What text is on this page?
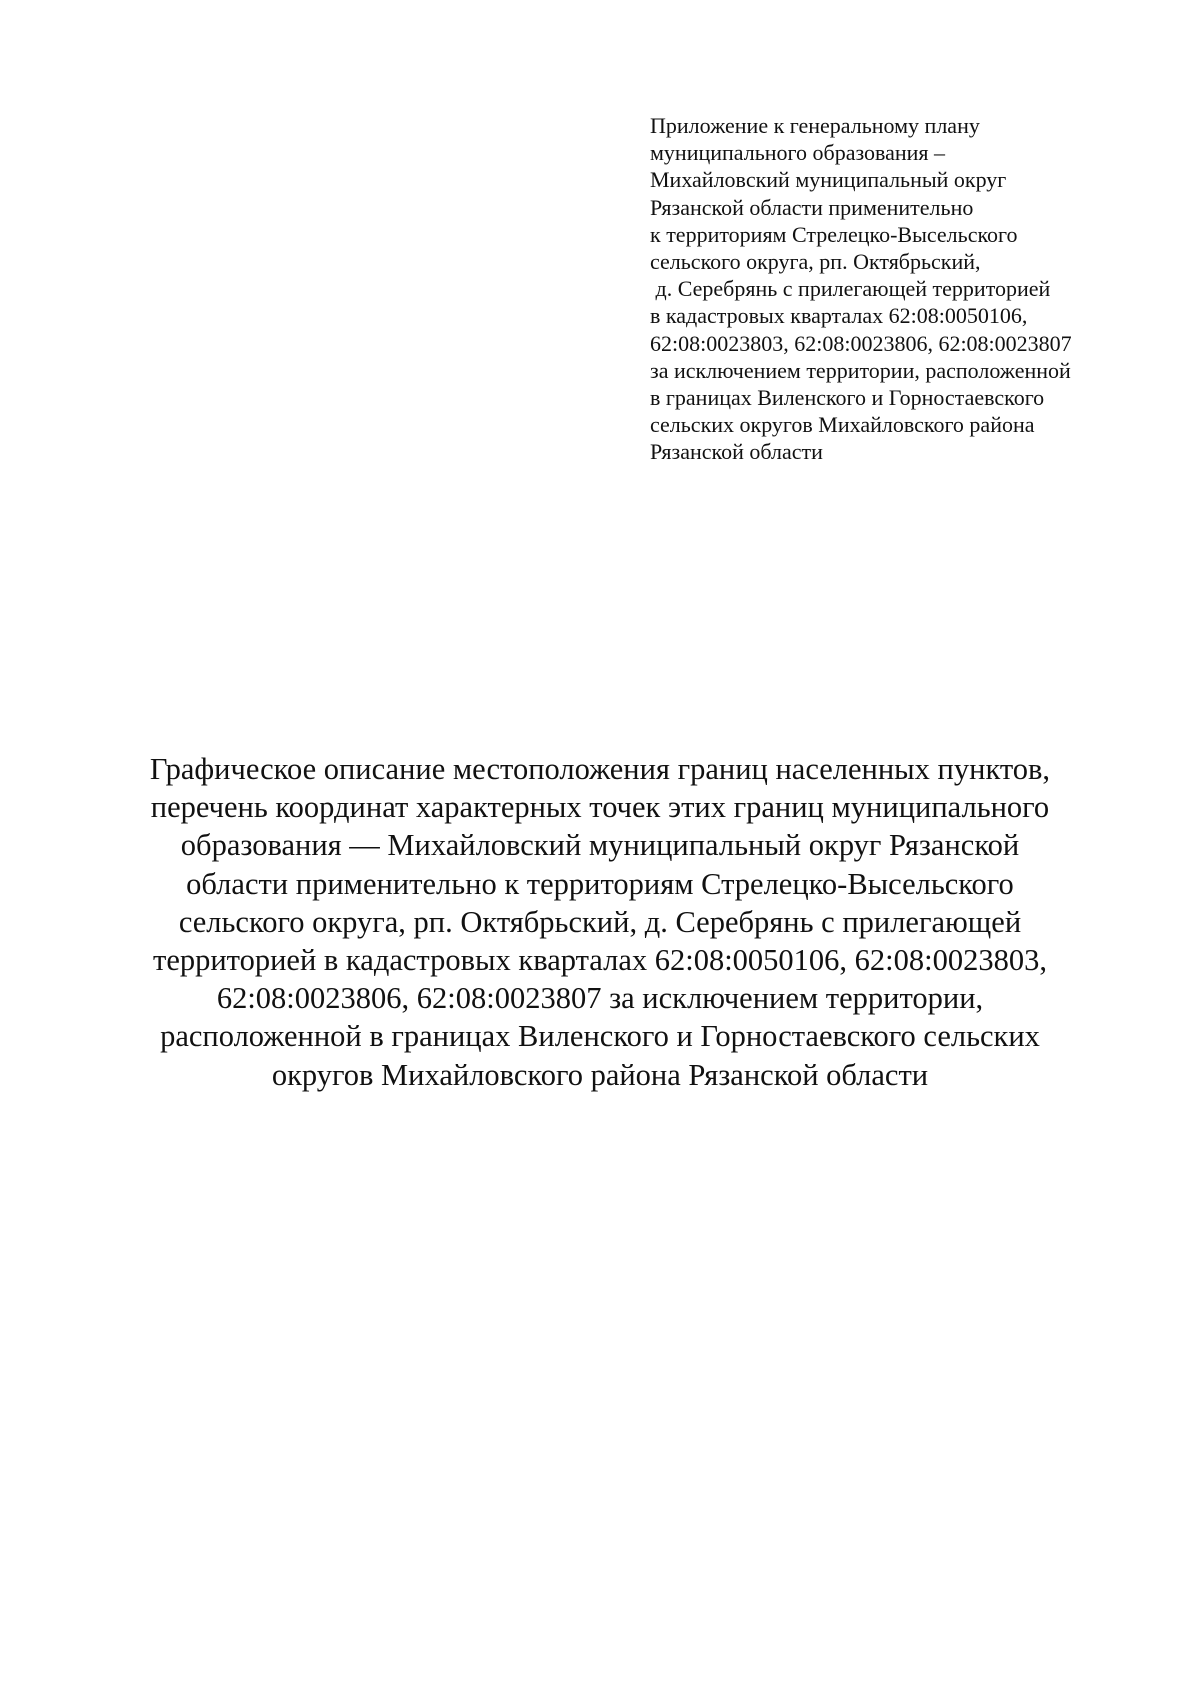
Приложение к генеральному плану
муниципального образования –
Михайловский муниципальный округ
Рязанской области применительно
к территориям Стрелецко-Высельского
сельского округа, рп. Октябрьский,
д. Серебрянь с прилегающей территорией
в кадастровых кварталах 62:08:0050106,
62:08:0023803, 62:08:0023806, 62:08:0023807
за исключением территории, расположенной
в границах Виленского и Горностаевского
сельских округов Михайловского района
Рязанской области
Графическое описание местоположения границ населенных пунктов,
перечень координат характерных точек этих границ муниципального
образования — Михайловский муниципальный округ Рязанской
области применительно к территориям Стрелецко-Высельского
сельского округа, рп. Октябрьский, д. Серебрянь с прилегающей
территорией в кадастровых кварталах 62:08:0050106, 62:08:0023803,
62:08:0023806, 62:08:0023807 за исключением территории,
расположенной в границах Виленского и Горностаевского сельских
округов Михайловского района Рязанской области
